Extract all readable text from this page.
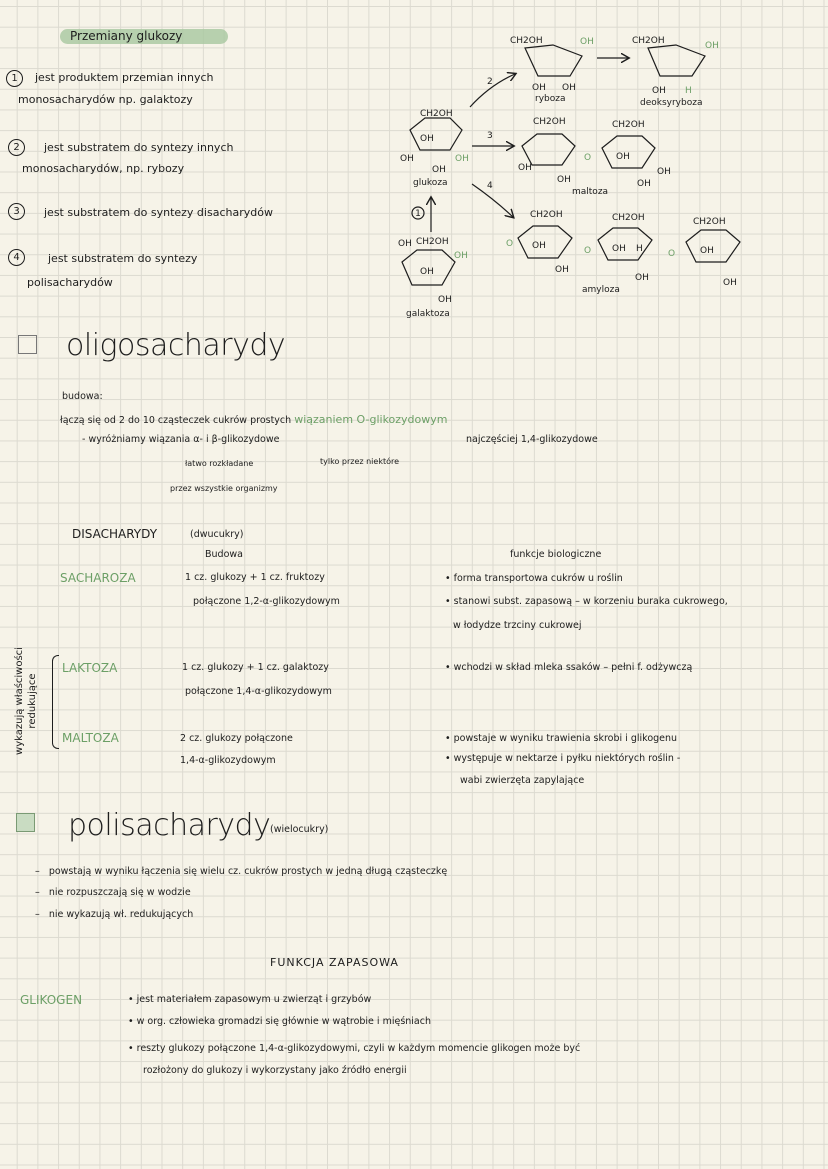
Przemiany glukozy
1	jest produktem przemian innych
monosacharydów np. galaktozy
2	jest substratem do syntezy innych
monosacharydów, np. rybozy
3	jest substratem do syntezy disacharydów
4	jest substratem do syntezy
polisacharydów
1
2
3
4
CH2OH
OH
OH	OH
OH
glukoza
OH CH2OH
OH
OH
OH
galaktoza
CH2OH	OH
OH OH
ryboza
CH2OH	OH
OH H
deoksyryboza
CH2OH	CH2OH
O
OH
OH
OH
OH
OH
maltoza
CH2OH	CH2OH	CH2OH
O
O	O
OH	OH H	OH
OH
OH	OH
amyloza
oligosacharydy
budowa:
łączą się od 2 do 10 cząsteczek cukrów prostych wiązaniem O-glikozydowym
- wyróżniamy wiązania α- i β-glikozydowe	najczęściej 1,4-glikozydowe
łatwo rozkładane
przez wszystkie organizmy
tylko przez niektóre
DISACHARYDY	(dwucukry)
Budowa	funkcje biologiczne
SACHAROZA	1 cz. glukozy + 1 cz. fruktozy
połączone 1,2-α-glikozydowym
• forma transportowa cukrów u roślin
• stanowi subst. zapasową – w korzeniu buraka cukrowego,
w łodydze trzciny cukrowej
LAKTOZA	1 cz. glukozy + 1 cz. galaktozy
połączone 1,4-α-glikozydowym
• wchodzi w skład mleka ssaków – pełni f. odżywczą
MALTOZA	2 cz. glukozy połączone
1,4-α-glikozydowym
• powstaje w wyniku trawienia skrobi i glikogenu
• występuje w nektarze i pyłku niektórych roślin -
wabi zwierzęta zapylające
wykazują właściwości redukujące
polisacharydy (wielocukry)
–   powstają w wyniku łączenia się wielu cz. cukrów prostych w jedną długą cząsteczkę
–   nie rozpuszczają się w wodzie
–   nie wykazują wł. redukujących
FUNKCJA ZAPASOWA
GLIKOGEN	• jest materiałem zapasowym u zwierząt i grzybów
• w org. człowieka gromadzi się głównie w wątrobie i mięśniach
• reszty glukozy połączone 1,4-α-glikozydowymi, czyli w każdym momencie glikogen może być
rozłożony do glukozy i wykorzystany jako źródło energii
